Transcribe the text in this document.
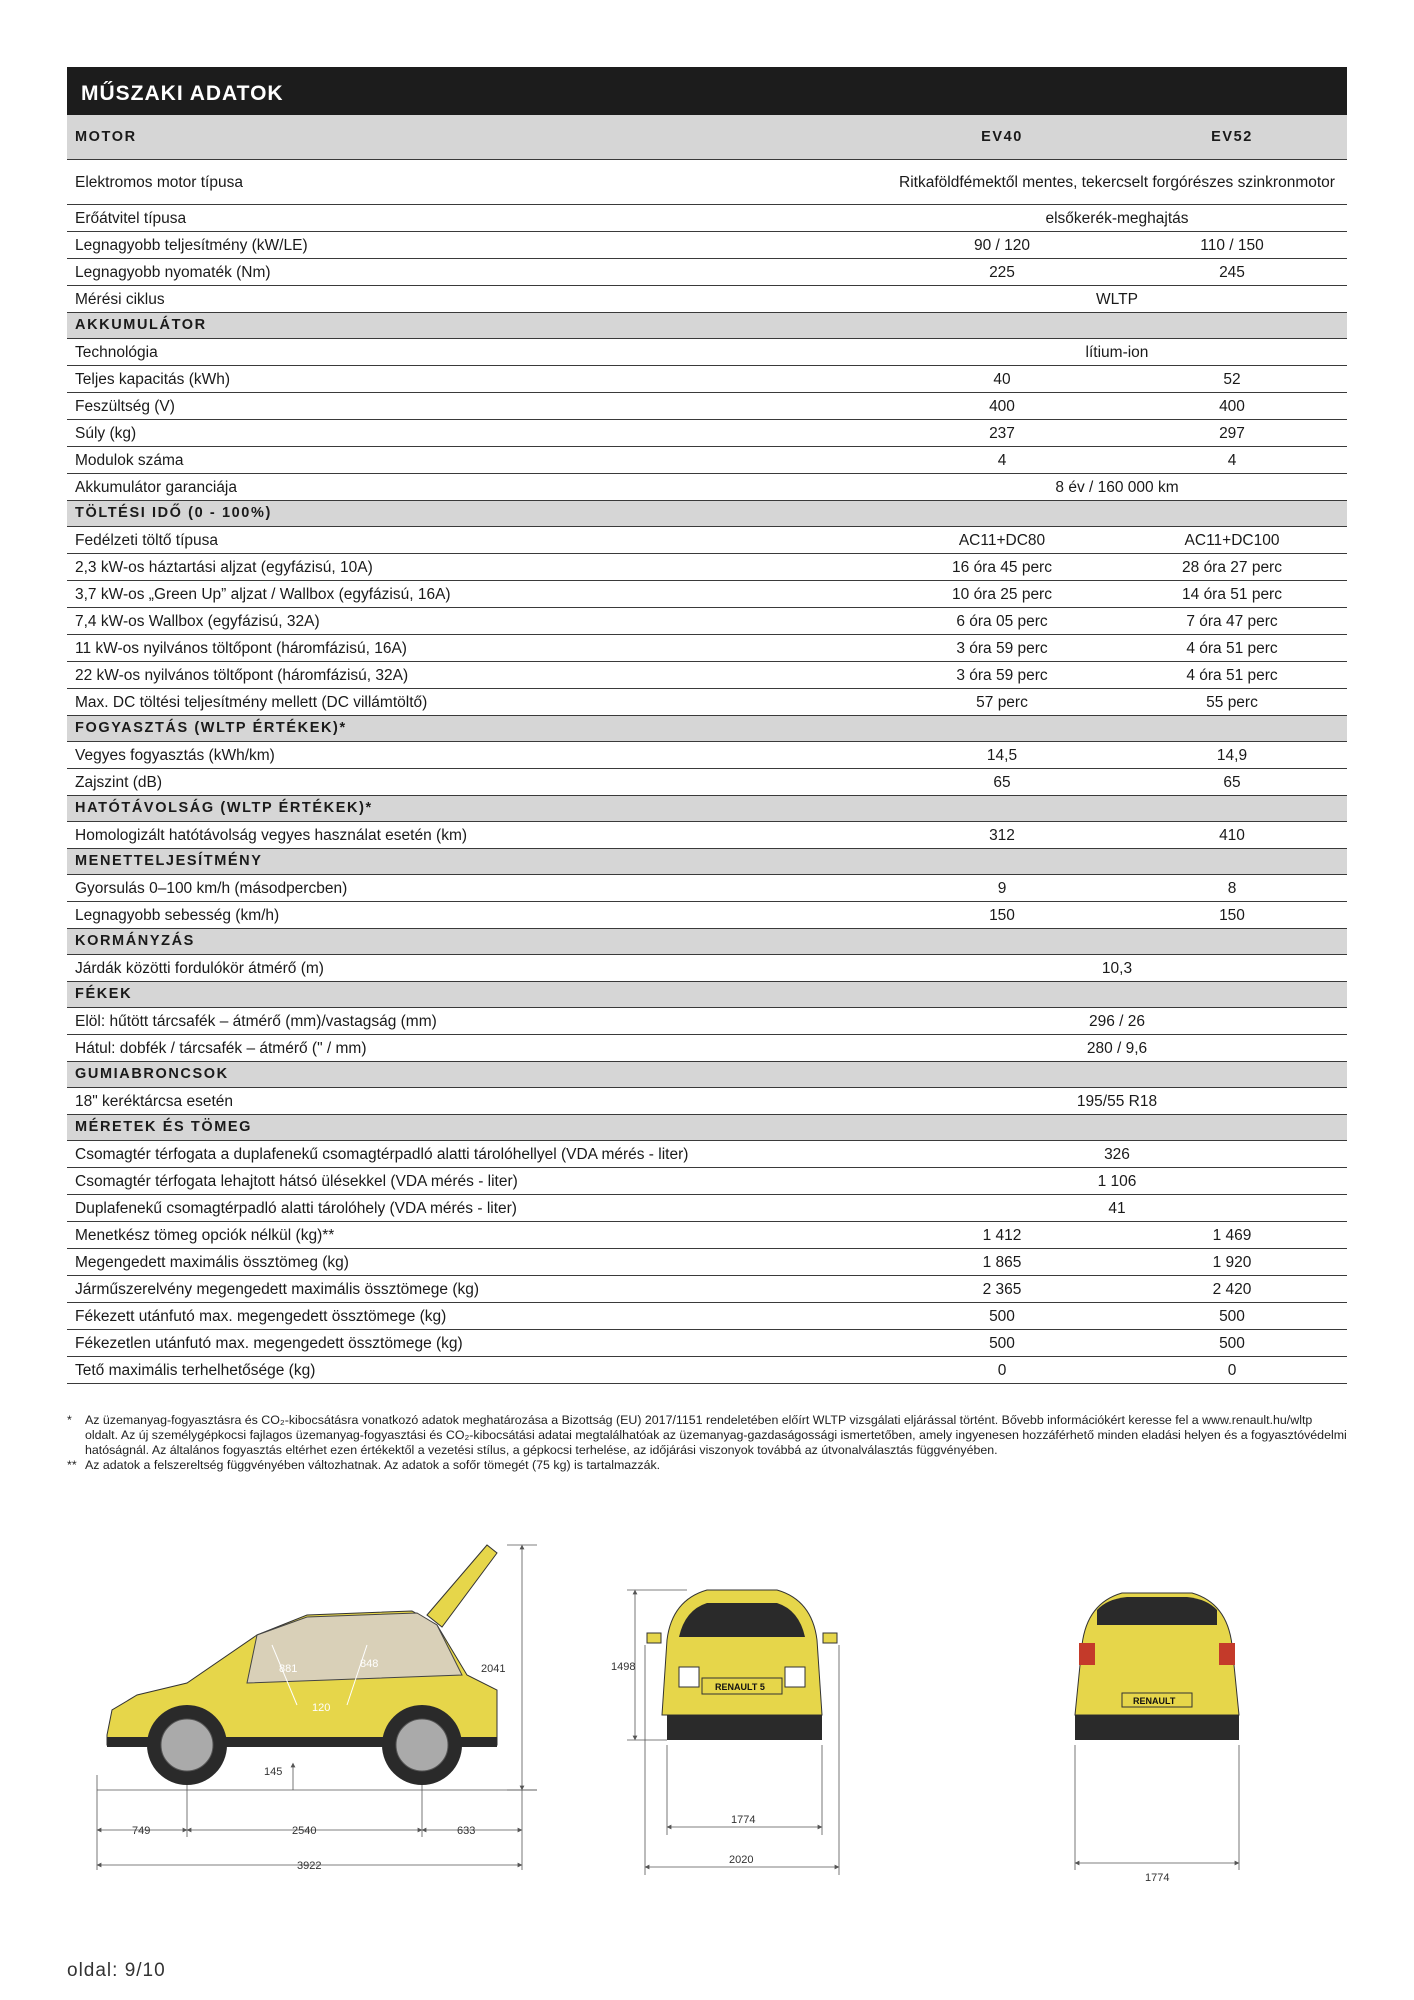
MŰSZAKI ADATOK
MOTOR	EV40	EV52
Elektromos motor típusa	Ritkaföldfémektől mentes, tekercselt forgórészes szinkronmotor	
Erőátvitel típusa	elsőkerék-meghajtás	
Legnagyobb teljesítmény (kW/LE)	90 / 120	110 / 150
Legnagyobb nyomaték (Nm)	225	245
Mérési ciklus	WLTP	
AKKUMULÁTOR		
Technológia	lítium-ion	
Teljes kapacitás (kWh)	40	52
Feszültség (V)	400	400
Súly (kg)	237	297
Modulok száma	4	4
Akkumulátor garanciája	8 év / 160 000 km	
TÖLTÉSI IDŐ (0 - 100%)		
Fedélzeti töltő típusa	AC11+DC80	AC11+DC100
2,3 kW-os háztartási aljzat (egyfázisú, 10A)	16 óra 45 perc	28 óra 27 perc
3,7 kW-os „Green Up” aljzat / Wallbox (egyfázisú, 16A)	10 óra 25 perc	14 óra 51 perc
7,4 kW-os Wallbox (egyfázisú, 32A)	6 óra 05 perc	7 óra 47 perc
11 kW-os nyilvános töltőpont (háromfázisú, 16A)	3 óra 59 perc	4 óra 51 perc
22 kW-os nyilvános töltőpont (háromfázisú, 32A)	3 óra 59 perc	4 óra 51 perc
Max. DC töltési teljesítmény mellett (DC villámtöltő)	57 perc	55 perc
FOGYASZTÁS (WLTP ÉRTÉKEK)*		
Vegyes fogyasztás (kWh/km)	14,5	14,9
Zajszint (dB)	65	65
HATÓTÁVOLSÁG (WLTP ÉRTÉKEK)*		
Homologizált hatótávolság vegyes használat esetén (km)	312	410
MENETTELJESÍTMÉNY		
Gyorsulás 0–100 km/h (másodpercben)	9	8
Legnagyobb sebesség (km/h)	150	150
KORMÁNYZÁS		
Járdák közötti fordulókör átmérő (m)	10,3	
FÉKEK		
Elöl: hűtött tárcsafék – átmérő (mm)/vastagság (mm)	296 / 26	
Hátul: dobfék / tárcsafék – átmérő (" / mm)	280 / 9,6	
GUMIABRONCSOK		
18" keréktárcsa esetén	195/55 R18	
MÉRETEK ÉS TÖMEG		
Csomagtér térfogata a duplafenekű csomagtérpadló alatti tárolóhellyel (VDA mérés - liter)	326	
Csomagtér térfogata lehajtott hátsó ülésekkel (VDA mérés - liter)	1 106	
Duplafenekű csomagtérpadló alatti tárolóhely (VDA mérés - liter)	41	
Menetkész tömeg opciók nélkül (kg)**	1 412	1 469
Megengedett maximális össztömeg (kg)	1 865	1 920
Járműszerelvény megengedett maximális össztömege (kg)	2 365	2 420
Fékezett utánfutó max. megengedett össztömege (kg)	500	500
Fékezetlen utánfutó max. megengedett össztömege (kg)	500	500
Tető maximális terhelhetősége (kg)	0	0
*	Az üzemanyag-fogyasztásra és CO₂-kibocsátásra vonatkozó adatok meghatározása a Bizottság (EU) 2017/1151 rendeletében előírt WLTP vizsgálati eljárással történt. Bővebb információkért keresse fel a www.renault.hu/wltp oldalt. Az új személygépkocsi fajlagos üzemanyag-fogyasztási és CO₂-kibocsátási adatai megtalálhatóak az üzemanyag-gazdaságossági ismertetőben, amely ingyenesen hozzáférhető minden eladási helyen és a fogyasztóvédelmi hatóságnál. Az általános fogyasztás eltérhet ezen értékektől a vezetési stílus, a gépkocsi terhelése, az időjárási viszonyok továbbá az útvonalválasztás függvényében.
** Az adatok a felszereltség függvényében változhatnak. Az adatok a sofőr tömegét (75 kg) is tartalmazzák.
881	848
120
2041
145
749	2540	633
3922
RENAULT 5
1498
1774
2020
RENAULT
1774
oldal: 9/10
